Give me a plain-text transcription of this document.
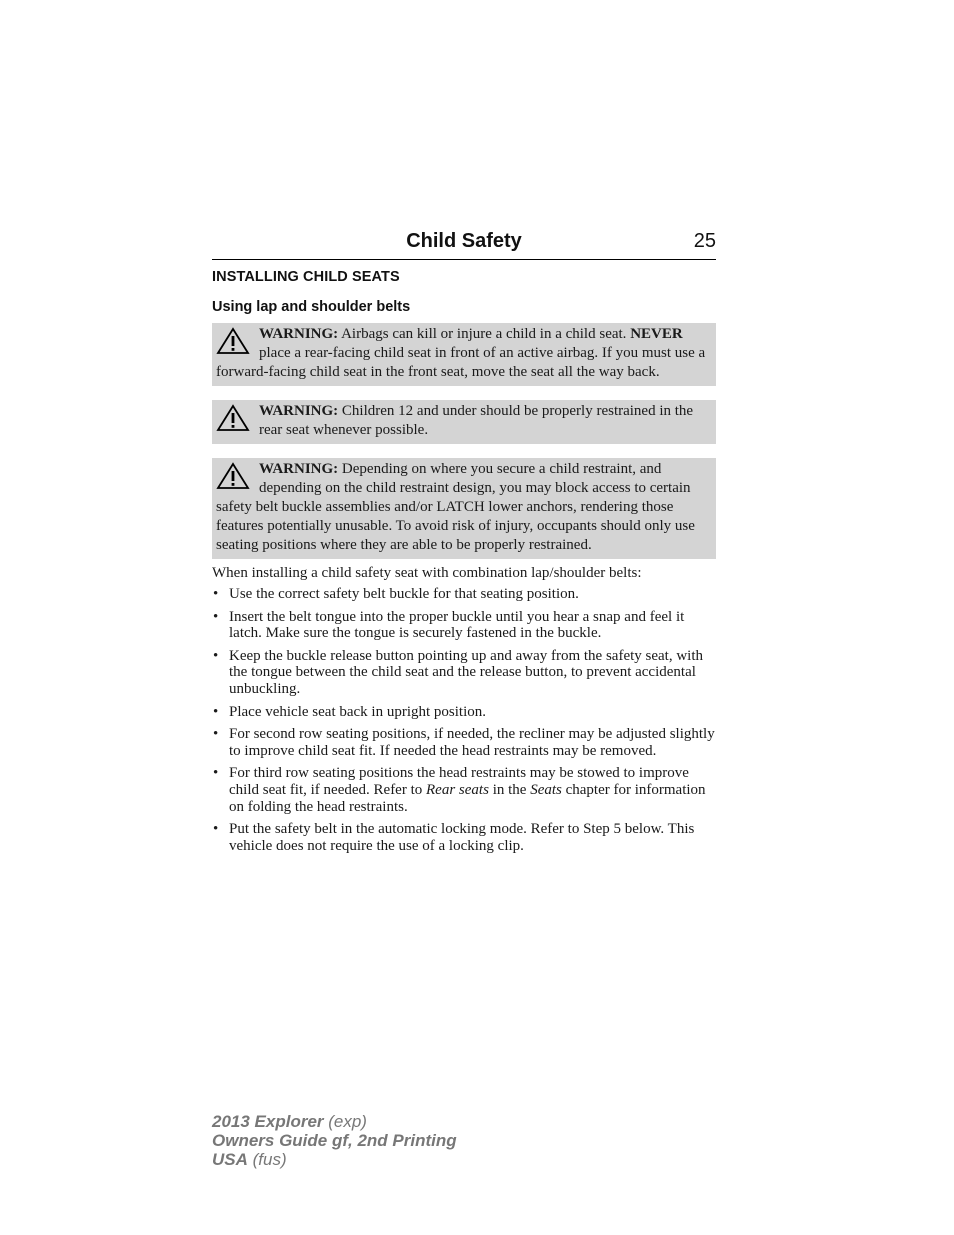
Child Safety	25
INSTALLING CHILD SEATS
Using lap and shoulder belts
WARNING: Airbags can kill or injure a child in a child seat. NEVER place a rear-facing child seat in front of an active airbag. If you must use a forward-facing child seat in the front seat, move the seat all the way back.
WARNING: Children 12 and under should be properly restrained in the rear seat whenever possible.
WARNING: Depending on where you secure a child restraint, and depending on the child restraint design, you may block access to certain safety belt buckle assemblies and/or LATCH lower anchors, rendering those features potentially unusable. To avoid risk of injury, occupants should only use seating positions where they are able to be properly restrained.

When installing a child safety seat with combination lap/shoulder belts:

• Use the correct safety belt buckle for that seating position.
• Insert the belt tongue into the proper buckle until you hear a snap and feel it latch. Make sure the tongue is securely fastened in the buckle.
• Keep the buckle release button pointing up and away from the safety seat, with the tongue between the child seat and the release button, to prevent accidental unbuckling.
• Place vehicle seat back in upright position.
• For second row seating positions, if needed, the recliner may be adjusted slightly to improve child seat fit. If needed the head restraints may be removed.
• For third row seating positions the head restraints may be stowed to improve child seat fit, if needed. Refer to Rear seats in the Seats chapter for information on folding the head restraints.
• Put the safety belt in the automatic locking mode. Refer to Step 5 below. This vehicle does not require the use of a locking clip.
2013 Explorer (exp)
Owners Guide gf, 2nd Printing
USA (fus)
